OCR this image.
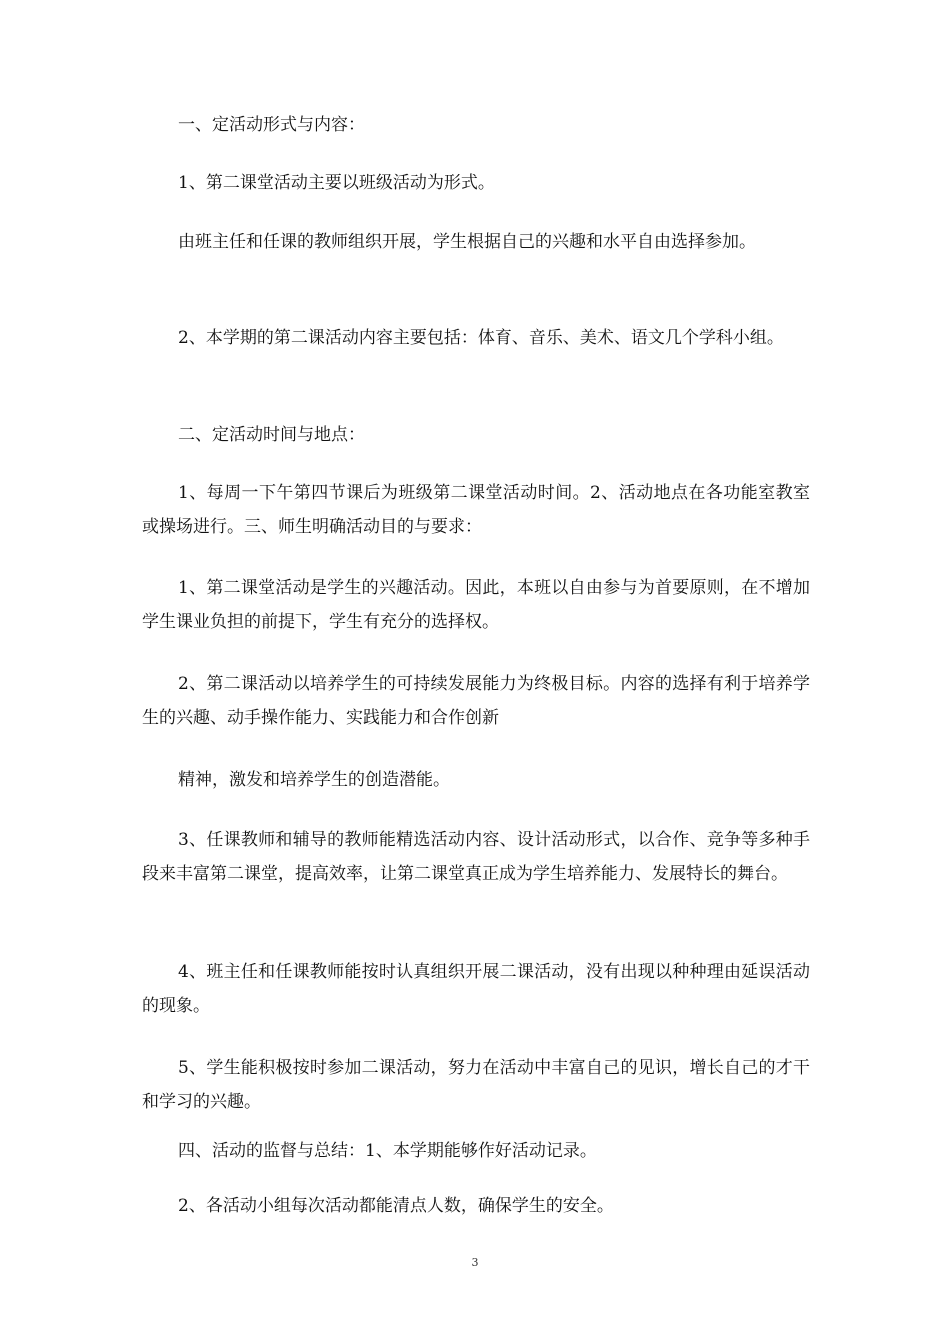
一、定活动形式与内容：

1、第二课堂活动主要以班级活动为形式。

由班主任和任课的教师组织开展，学生根据自己的兴趣和水平自由选择参加。

2、本学期的第二课活动内容主要包括：体育、音乐、美术、语文几个学科小组。

二、定活动时间与地点：

1、每周一下午第四节课后为班级第二课堂活动时间。2、活动地点在各功能室教室或操场进行。三、师生明确活动目的与要求：

1、第二课堂活动是学生的兴趣活动。因此，本班以自由参与为首要原则，在不增加学生课业负担的前提下，学生有充分的选择权。

2、第二课活动以培养学生的可持续发展能力为终极目标。内容的选择有利于培养学生的兴趣、动手操作能力、实践能力和合作创新

精神，激发和培养学生的创造潜能。

3、任课教师和辅导的教师能精选活动内容、设计活动形式，以合作、竞争等多种手段来丰富第二课堂，提高效率，让第二课堂真正成为学生培养能力、发展特长的舞台。

4、班主任和任课教师能按时认真组织开展二课活动，没有出现以种种理由延误活动的现象。

5、学生能积极按时参加二课活动，努力在活动中丰富自己的见识，增长自己的才干和学习的兴趣。

四、活动的监督与总结：1、本学期能够作好活动记录。

2、各活动小组每次活动都能清点人数，确保学生的安全。

3
